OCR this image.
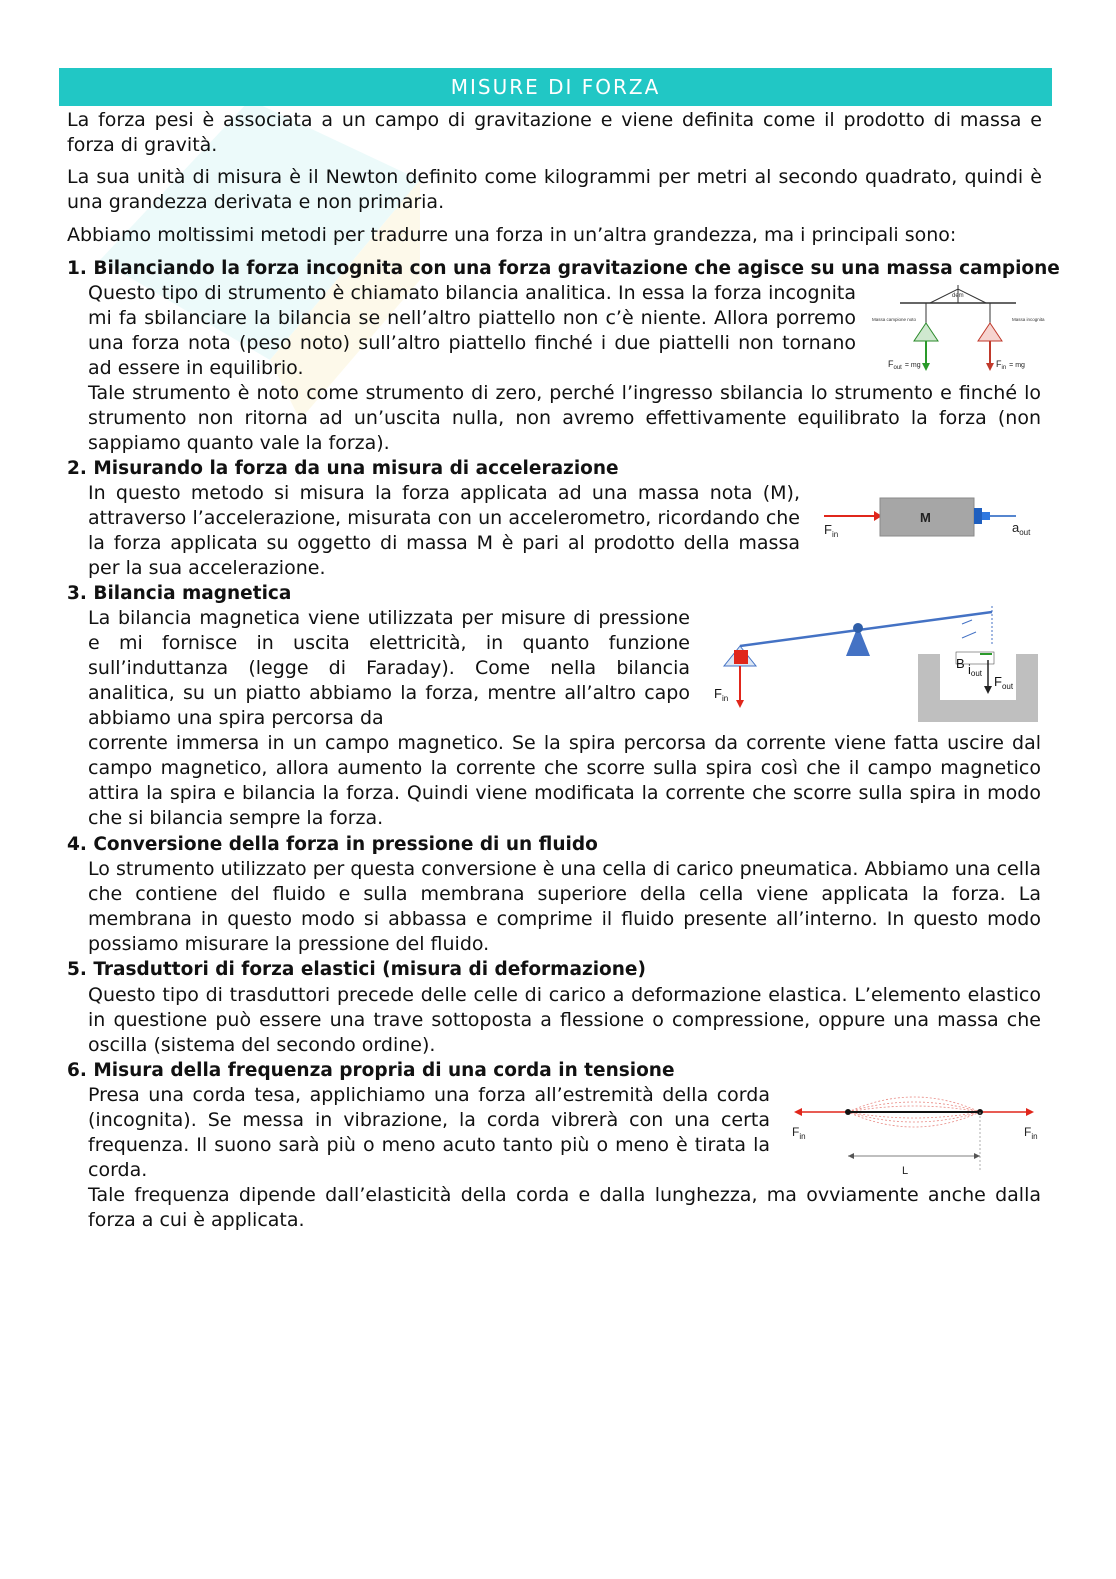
MISURE DI FORZA

La forza pesi è associata a un campo di gravitazione e viene definita come il prodotto di massa e forza di gravità.

La sua unità di misura è il Newton definito come kilogrammi per metri al secondo quadrato, quindi è una grandezza derivata e non primaria.

Abbiamo moltissimi metodi per tradurre una forza in un’altra grandezza, ma i principali sono:

1. Bilanciando la forza incognita con una forza gravitazione che agisce su una massa campione

Questo tipo di strumento è chiamato bilancia analitica. In essa la forza incognita mi fa sbilanciare la bilancia se nell’altro piattello non c’è niente. Allora porremo una forza nota (peso noto) sull’altro piattello finché i due piattelli non tornano ad essere in equilibrio.

Tale strumento è noto come strumento di zero, perché l’ingresso sbilancia lo strumento e finché lo strumento non ritorna ad un’uscita nulla, non avremo effettivamente equilibrato la forza (non sappiamo quanto vale la forza).

dem
Massa campione noto	Massa incognita
$F_{out}$ $^{= mg}$	$F_{in}$ $^{= mg}$

2. Misurando la forza da una misura di accelerazione

In questo metodo si misura la forza applicata ad una massa nota (M), attraverso l’accelerazione, misurata con un accelerometro, ricordando che la forza applicata su oggetto di massa M è pari al prodotto della massa per la sua accelerazione.

M
$F_{in}$	$a_{out}$

3. Bilancia magnetica

La bilancia magnetica viene utilizzata per misure di pressione e mi fornisce in uscita elettricità, in quanto funzione sull’induttanza (legge di Faraday). Come nella bilancia analitica, su un piatto abbiamo la forza, mentre all’altro capo abbiamo una spira percorsa da

corrente immersa in un campo magnetico. Se la spira percorsa da corrente viene fatta uscire dal campo magnetico, allora aumento la corrente che scorre sulla spira così che il campo magnetico attira la spira e bilancia la forza. Quindi viene modificata la corrente che scorre sulla spira in modo che si bilancia sempre la forza.

B iout
$F_{out}$
$F_{in}$

4. Conversione della forza in pressione di un fluido

Lo strumento utilizzato per questa conversione è una cella di carico pneumatica. Abbiamo una cella che contiene del fluido e sulla membrana superiore della cella viene applicata la forza. La membrana in questo modo si abbassa e comprime il fluido presente all’interno. In questo modo possiamo misurare la pressione del fluido.

5. Trasduttori di forza elastici (misura di deformazione)

Questo tipo di trasduttori precede delle celle di carico a deformazione elastica. L’elemento elastico in questione può essere una trave sottoposta a flessione o compressione, oppure una massa che oscilla (sistema del secondo ordine).

6. Misura della frequenza propria di una corda in tensione

Presa una corda tesa, applichiamo una forza all’estremità della corda (incognita). Se messa in vibrazione, la corda vibrerà con una certa frequenza. Il suono sarà più o meno acuto tanto più o meno è tirata la corda.

Tale frequenza dipende dall’elasticità della corda e dalla lunghezza, ma ovviamente anche dalla forza a cui è applicata.

L
$F_{in}$	$F_{in}$
